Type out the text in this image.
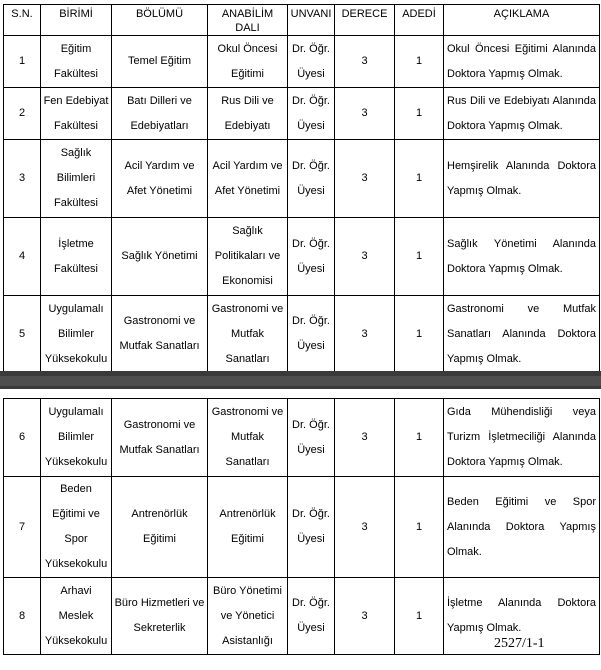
S.N.	BİRİMİ	BÖLÜMÜ	ANABİLİM DALI	UNVANI	DERECE	ADEDİ	AÇIKLAMA
1	Eğitim Fakültesi	Temel Eğitim	Okul Öncesi Eğitimi	Dr. Öğr. Üyesi	3	1	Okul Öncesi Eğitimi Alanında Doktora Yapmış Olmak.
2	Fen Edebiyat Fakültesi	Batı Dilleri ve Edebiyatları	Rus Dili ve Edebiyatı	Dr. Öğr. Üyesi	3	1	Rus Dili ve Edebiyatı Alanında Doktora Yapmış Olmak.
3	Sağlık Bilimleri Fakültesi	Acil Yardım ve Afet Yönetimi	Acil Yardım ve Afet Yönetimi	Dr. Öğr. Üyesi	3	1	Hemşirelik Alanında Doktora Yapmış Olmak.
4	İşletme Fakültesi	Sağlık Yönetimi	Sağlık Politikaları ve Ekonomisi	Dr. Öğr. Üyesi	3	1	Sağlık Yönetimi Alanında Doktora Yapmış Olmak.
5	Uygulamalı Bilimler Yüksekokulu	Gastronomi ve Mutfak Sanatları	Gastronomi ve Mutfak Sanatları	Dr. Öğr. Üyesi	3	1	Gastronomi ve Mutfak Sanatları Alanında Doktora Yapmış Olmak.
6	Uygulamalı Bilimler Yüksekokulu	Gastronomi ve Mutfak Sanatları	Gastronomi ve Mutfak Sanatları	Dr. Öğr. Üyesi	3	1	Gıda Mühendisliği veya Turizm İşletmeciliği Alanında Doktora Yapmış Olmak.
7	Beden Eğitimi ve Spor Yüksekokulu	Antrenörlük Eğitimi	Antrenörlük Eğitimi	Dr. Öğr. Üyesi	3	1	Beden Eğitimi ve Spor Alanında Doktora Yapmış Olmak.
8	Arhavi Meslek Yüksekokulu	Büro Hizmetleri ve Sekreterlik	Büro Yönetimi ve Yönetici Asistanlığı	Dr. Öğr. Üyesi	3	1	İşletme Alanında Doktora Yapmış Olmak.
2527/1-1
